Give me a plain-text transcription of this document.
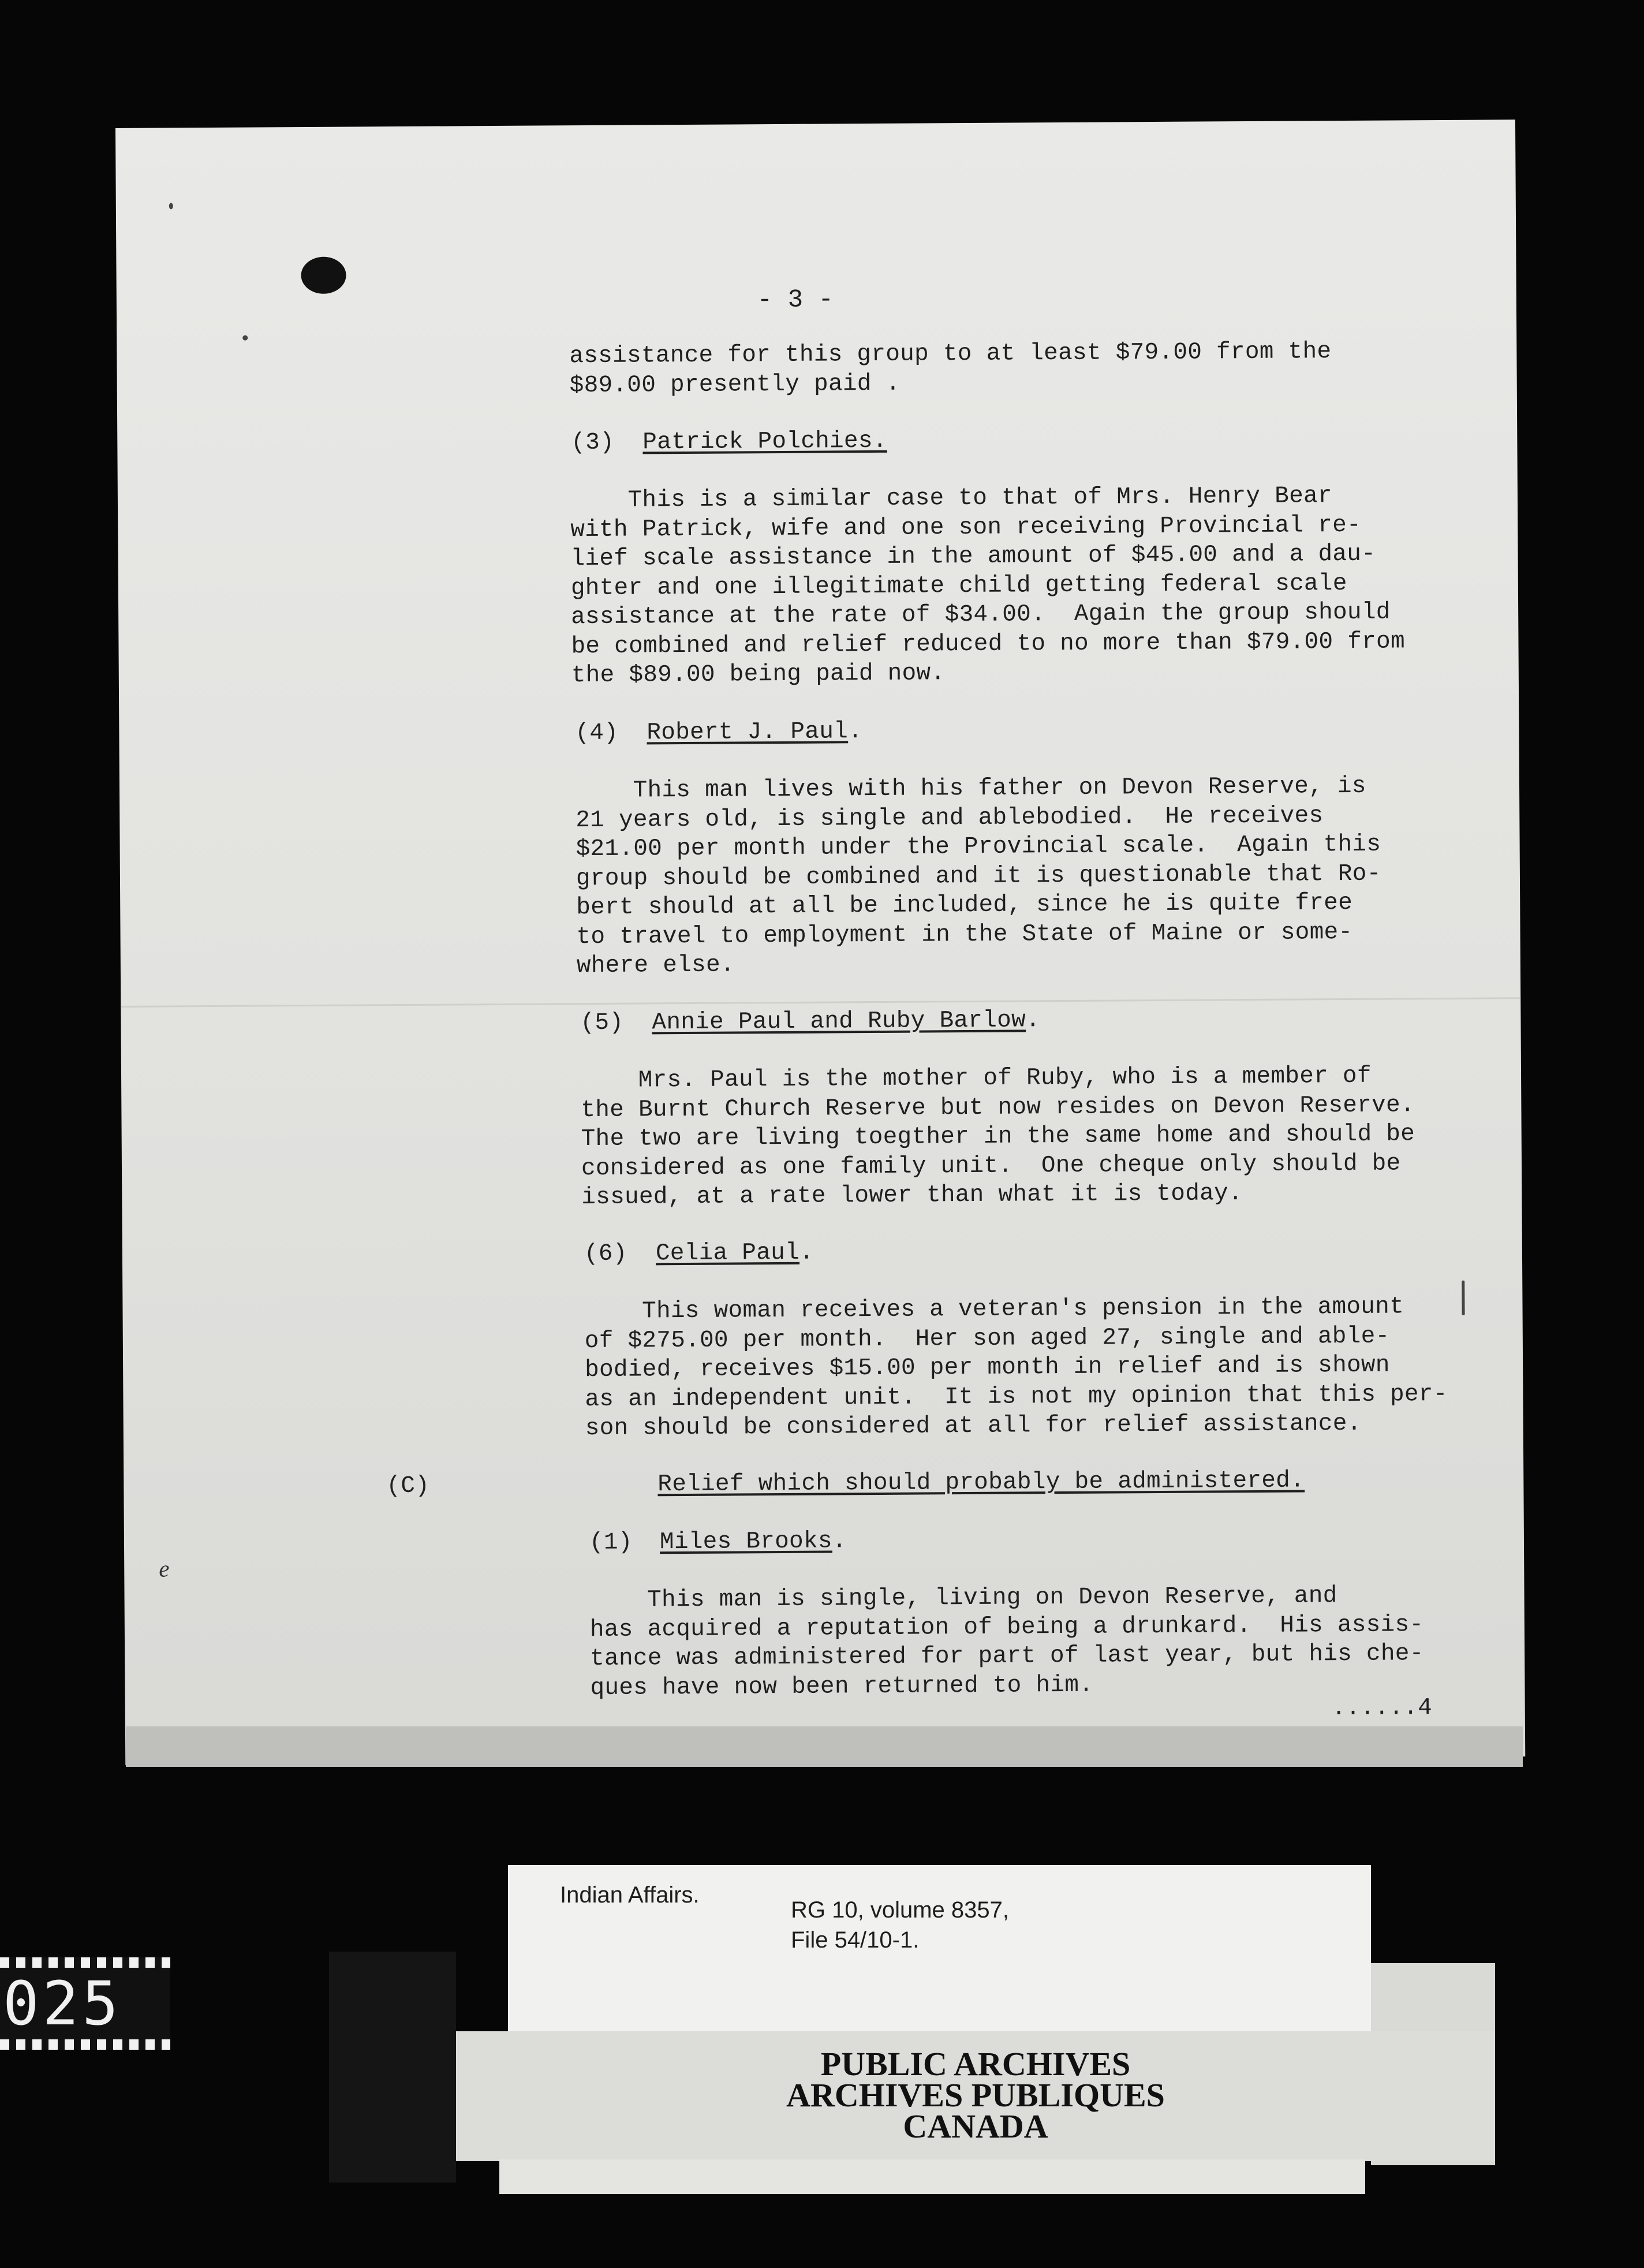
- 3 -

assistance for this group to at least $79.00 from the

$89.00 presently paid .

(3) Patrick Polchies.

This is a similar case to that of Mrs. Henry Bear

with Patrick, wife and one son receiving Provincial re-

lief scale assistance in the amount of $45.00 and a dau-

ghter and one illegitimate child getting federal scale

assistance at the rate of $34.00.  Again the group should

be combined and relief reduced to no more than $79.00 from

the $89.00 being paid now.

(4) Robert J. Paul.

This man lives with his father on Devon Reserve, is

21 years old, is single and ablebodied.  He receives

$21.00 per month under the Provincial scale.  Again this

group should be combined and it is questionable that Ro-

bert should at all be included, since he is quite free

to travel to employment in the State of Maine or some-

where else.

(5) Annie Paul and Ruby Barlow.

Mrs. Paul is the mother of Ruby, who is a member of

the Burnt Church Reserve but now resides on Devon Reserve.

The two are living toegther in the same home and should be

considered as one family unit.  One cheque only should be

issued, at a rate lower than what it is today.

(6) Celia Paul.

This woman receives a veteran's pension in the amount

of $275.00 per month.  Her son aged 27, single and able-

bodied, receives $15.00 per month in relief and is shown

as an independent unit.  It is not my opinion that this per-

son should be considered at all for relief assistance.

(C)	Relief which should probably be administered.
(1) Miles Brooks.

This man is single, living on Devon Reserve, and

has acquired a reputation of being a drunkard.  His assis-

tance was administered for part of last year, but his che-

ques have now been returned to him.

......4
e
025
Indian Affairs.
RG 10, volume 8357,
File 54/10-1.
PUBLIC ARCHIVES
ARCHIVES PUBLIQUES
CANADA
